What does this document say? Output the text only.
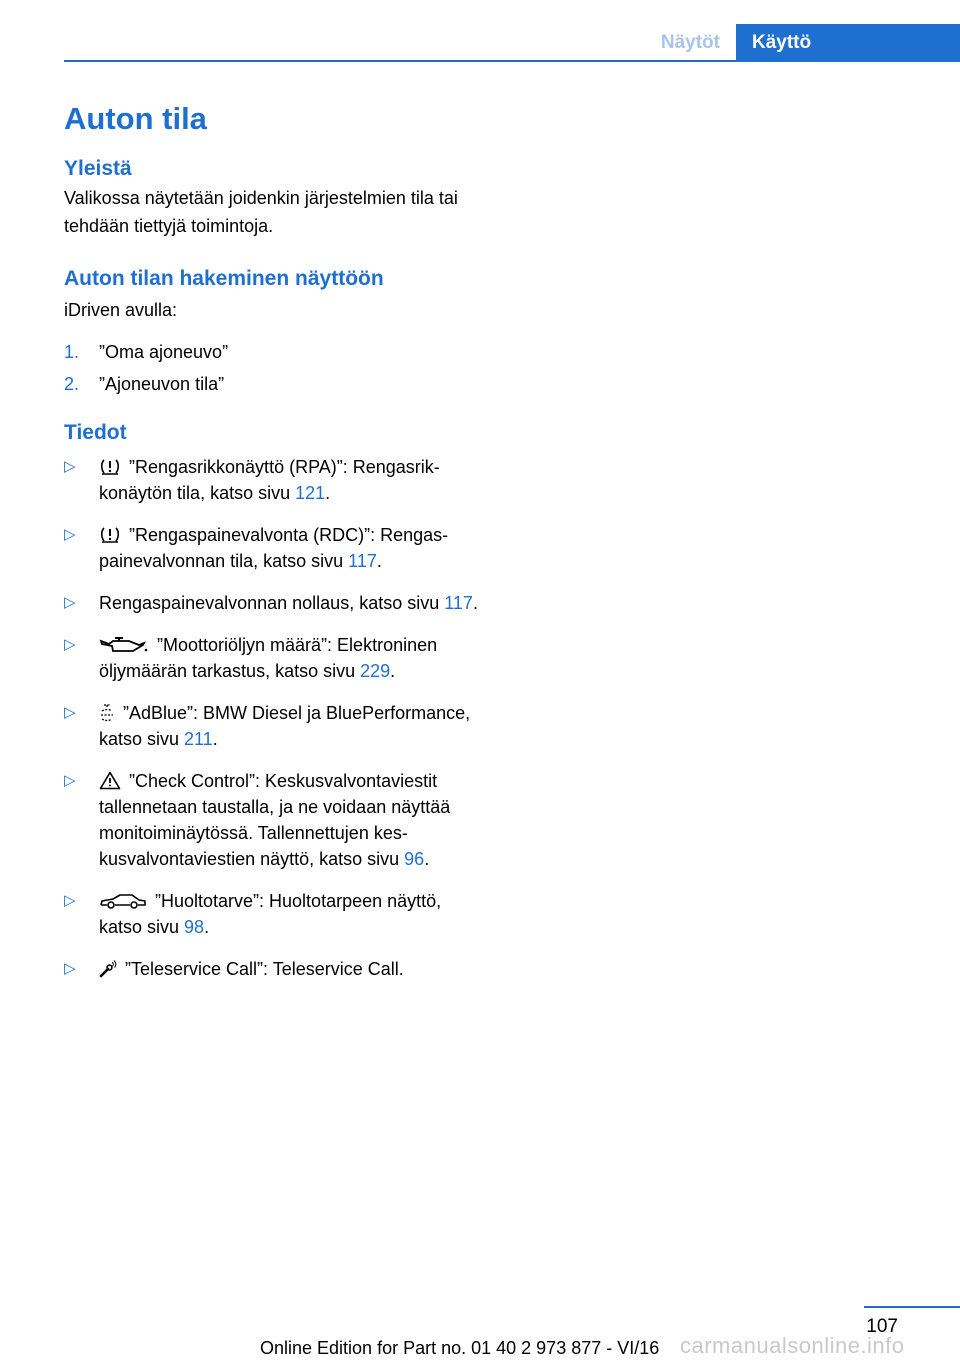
Näytöt	Käyttö
Auton tila
Yleistä

Valikossa näytetään joidenkin järjestelmien tila tai tehdään tiettyjä toimintoja.

Auton tilan hakeminen näyttöön

iDriven avulla:

1. ”Oma ajoneuvo”
2. ”Ajoneuvon tila”
Tiedot
▷	”Rengasrikkonäyttö (RPA)”: Rengasrikkonäytön tila, katso sivu 121.
▷	”Rengaspainevalvonta (RDC)”: Rengaspainevalvonnan tila, katso sivu 117.
▷ Rengaspainevalvonnan nollaus, katso sivu 117.
▷	”Moottoriöljyn määrä”: Elektroninen öljymäärän tarkastus, katso sivu 229.
▷	”AdBlue”: BMW Diesel ja BluePerformance, katso sivu 211.
▷	”Check Control”: Keskusvalvontaviestit tallennetaan taustalla, ja ne voidaan näyttää monitoiminäytössä. Tallennettujen keskusvalvontaviestien näyttö, katso sivu 96.
▷	”Huoltotarve”: Huoltotarpeen näyttö, katso sivu 98.
▷	”Teleservice Call”: Teleservice Call.
107
Online Edition for Part no. 01 40 2 973 877 - VI/16 carmanualsonline.info
